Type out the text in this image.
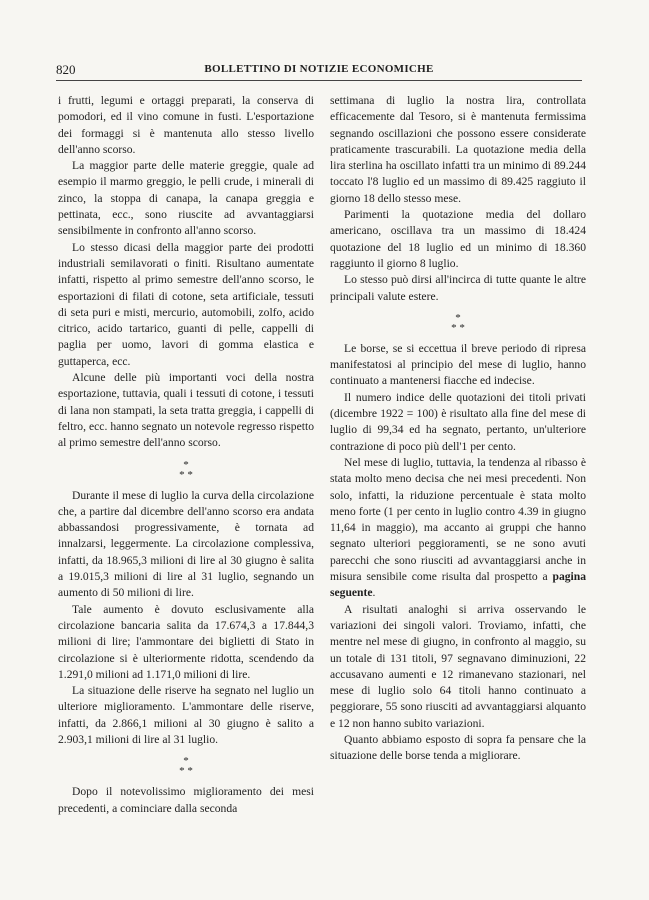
820	BOLLETTINO DI NOTIZIE ECONOMICHE

i frutti, legumi e ortaggi preparati, la conserva di pomodori, ed il vino comune in fusti. L'esportazione dei formaggi si è mantenuta allo stesso livello dell'anno scorso.

La maggior parte delle materie greggie, quale ad esempio il marmo greggio, le pelli crude, i minerali di zinco, la stoppa di canapa, la canapa greggia e pettinata, ecc., sono riuscite ad avvantaggiarsi sensibilmente in confronto all'anno scorso.

Lo stesso dicasi della maggior parte dei prodotti industriali semilavorati o finiti. Risultano aumentate infatti, rispetto al primo semestre dell'anno scorso, le esportazioni di filati di cotone, seta artificiale, tessuti di seta puri e misti, mercurio, automobili, zolfo, acido citrico, acido tartarico, guanti di pelle, cappelli di paglia per uomo, lavori di gomma elastica e guttaperca, ecc.

Alcune delle più importanti voci della nostra esportazione, tuttavia, quali i tessuti di cotone, i tessuti di lana non stampati, la seta tratta greggia, i cappelli di feltro, ecc. hanno segnato un notevole regresso rispetto al primo semestre dell'anno scorso.

*
* *

Durante il mese di luglio la curva della circolazione che, a partire dal dicembre dell'anno scorso era andata abbassandosi progressivamente, è tornata ad innalzarsi, leggermente. La circolazione complessiva, infatti, da 18.965,3 milioni di lire al 30 giugno è salita a 19.015,3 milioni di lire al 31 luglio, segnando un aumento di 50 milioni di lire.

Tale aumento è dovuto esclusivamente alla circolazione bancaria salita da 17.674,3 a 17.844,3 milioni di lire; l'ammontare dei biglietti di Stato in circolazione si è ulteriormente ridotta, scendendo da 1.291,0 milioni ad 1.171,0 milioni di lire.

La situazione delle riserve ha segnato nel luglio un ulteriore miglioramento. L'ammontare delle riserve, infatti, da 2.866,1 milioni al 30 giugno è salito a 2.903,1 milioni di lire al 31 luglio.

*
* *

Dopo il notevolissimo miglioramento dei mesi precedenti, a cominciare dalla seconda

settimana di luglio la nostra lira, controllata efficacemente dal Tesoro, si è mantenuta fermissima segnando oscillazioni che possono essere considerate praticamente trascurabili. La quotazione media della lira sterlina ha oscillato infatti tra un minimo di 89.244 toccato l'8 luglio ed un massimo di 89.425 raggiuto il giorno 18 dello stesso mese.

Parimenti la quotazione media del dollaro americano, oscillava tra un massimo di 18.424 quotazione del 18 luglio ed un minimo di 18.360 raggiunto il giorno 8 luglio.

Lo stesso può dirsi all'incirca di tutte quante le altre principali valute estere.

*
* *

Le borse, se si eccettua il breve periodo di ripresa manifestatosi al principio del mese di luglio, hanno continuato a mantenersi fiacche ed indecise.

Il numero indice delle quotazioni dei titoli privati (dicembre 1922 = 100) è risultato alla fine del mese di luglio di 99,34 ed ha segnato, pertanto, un'ulteriore contrazione di poco più dell'1 per cento.

Nel mese di luglio, tuttavia, la tendenza al ribasso è stata molto meno decisa che nei mesi precedenti. Non solo, infatti, la riduzione percentuale è stata molto meno forte (1 per cento in luglio contro 4.39 in giugno 11,64 in maggio), ma accanto ai gruppi che hanno segnato ulteriori peggioramenti, se ne sono avuti parecchi che sono riusciti ad avvantaggiarsi anche in misura sensibile come risulta dal prospetto a pagina seguente.

A risultati analoghi si arriva osservando le variazioni dei singoli valori. Troviamo, infatti, che mentre nel mese di giugno, in confronto al maggio, su un totale di 131 titoli, 97 segnavano diminuzioni, 22 accusavano aumenti e 12 rimanevano stazionari, nel mese di luglio solo 64 titoli hanno continuato a peggiorare, 55 sono riusciti ad avvantaggiarsi alquanto e 12 non hanno subito variazioni.

Quanto abbiamo esposto di sopra fa pensare che la situazione delle borse tenda a migliorare.
